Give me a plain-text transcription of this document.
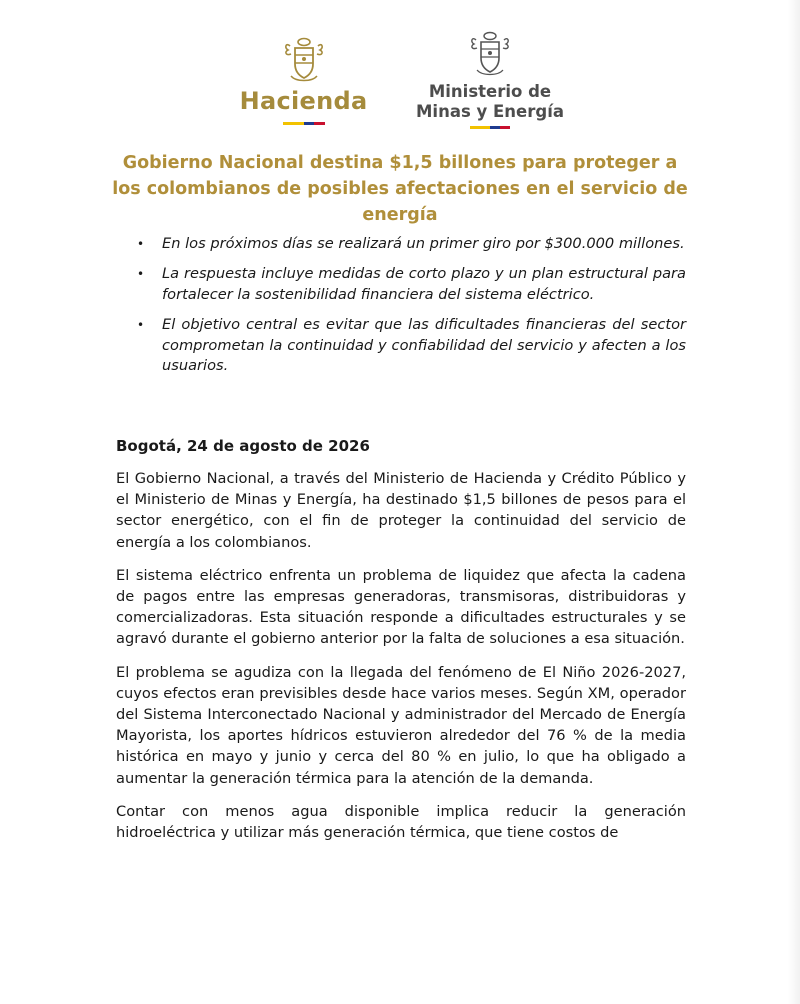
Hacienda	Ministerio de
Minas y Energía
Gobierno Nacional destina $1,5 billones para proteger a los colombianos de posibles afectaciones en el servicio de energía
• En los próximos días se realizará un primer giro por $300.000 millones.
• La respuesta incluye medidas de corto plazo y un plan estructural para fortalecer la sostenibilidad financiera del sistema eléctrico.
• El objetivo central es evitar que las dificultades financieras del sector comprometan la continuidad y confiabilidad del servicio y afecten a los usuarios.
Bogotá, 24 de agosto de 2026

El Gobierno Nacional, a través del Ministerio de Hacienda y Crédito Público y el Ministerio de Minas y Energía, ha destinado $1,5 billones de pesos para el sector energético, con el fin de proteger la continuidad del servicio de energía a los colombianos.

El sistema eléctrico enfrenta un problema de liquidez que afecta la cadena de pagos entre las empresas generadoras, transmisoras, distribuidoras y comercializadoras. Esta situación responde a dificultades estructurales y se agravó durante el gobierno anterior por la falta de soluciones a esa situación.

El problema se agudiza con la llegada del fenómeno de El Niño 2026-2027, cuyos efectos eran previsibles desde hace varios meses. Según XM, operador del Sistema Interconectado Nacional y administrador del Mercado de Energía Mayorista, los aportes hídricos estuvieron alrededor del 76 % de la media histórica en mayo y junio y cerca del 80 % en julio, lo que ha obligado a aumentar la generación térmica para la atención de la demanda.

Contar con menos agua disponible implica reducir la generación hidroeléctrica y utilizar más generación térmica, que tiene costos de
